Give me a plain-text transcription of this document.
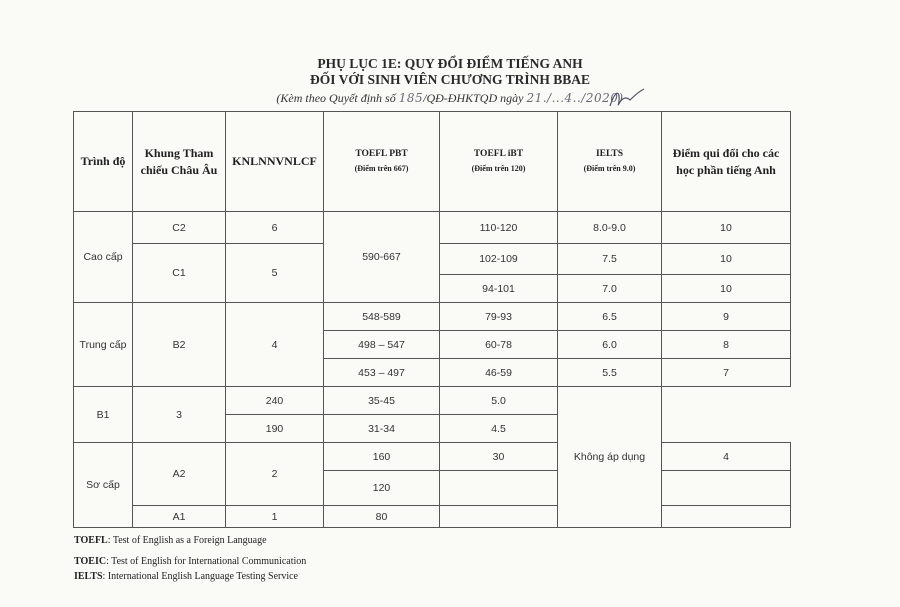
PHỤ LỤC 1E: QUY ĐỔI ĐIỂM TIẾNG ANH
ĐỐI VỚI SINH VIÊN CHƯƠNG TRÌNH BBAE
(Kèm theo Quyết định số 185/QĐ-ĐHKTQD ngày 21./...4../2020)
Trình độ	Khung Tham chiếu Châu Âu	KNLNNVNLCF	TOEFL PBT
(Điểm trên 667)	TOEFL iBT
(Điểm trên 120)	IELTS
(Điểm trên 9.0)	Điểm qui đổi cho các học phần tiếng Anh
Cao cấp	C2	6	590-667	110-120	8.0-9.0	10
	C1	5		102-109	7.5	10
				94-101	7.0	10
Trung cấp	B2	4	548-589	79-93	6.5	9
			498 – 547	60-78	6.0	8
			453 – 497	46-59	5.5	7
B1	3	240	35-45	5.0	Không áp dụng	
		190	31-34	4.5		
Sơ cấp	A2	2	160	30		4
			120			
	A1	1	80			
TOEFL: Test of English as a Foreign Language
TOEIC: Test of English for International Communication
IELTS: International English Language Testing Service
